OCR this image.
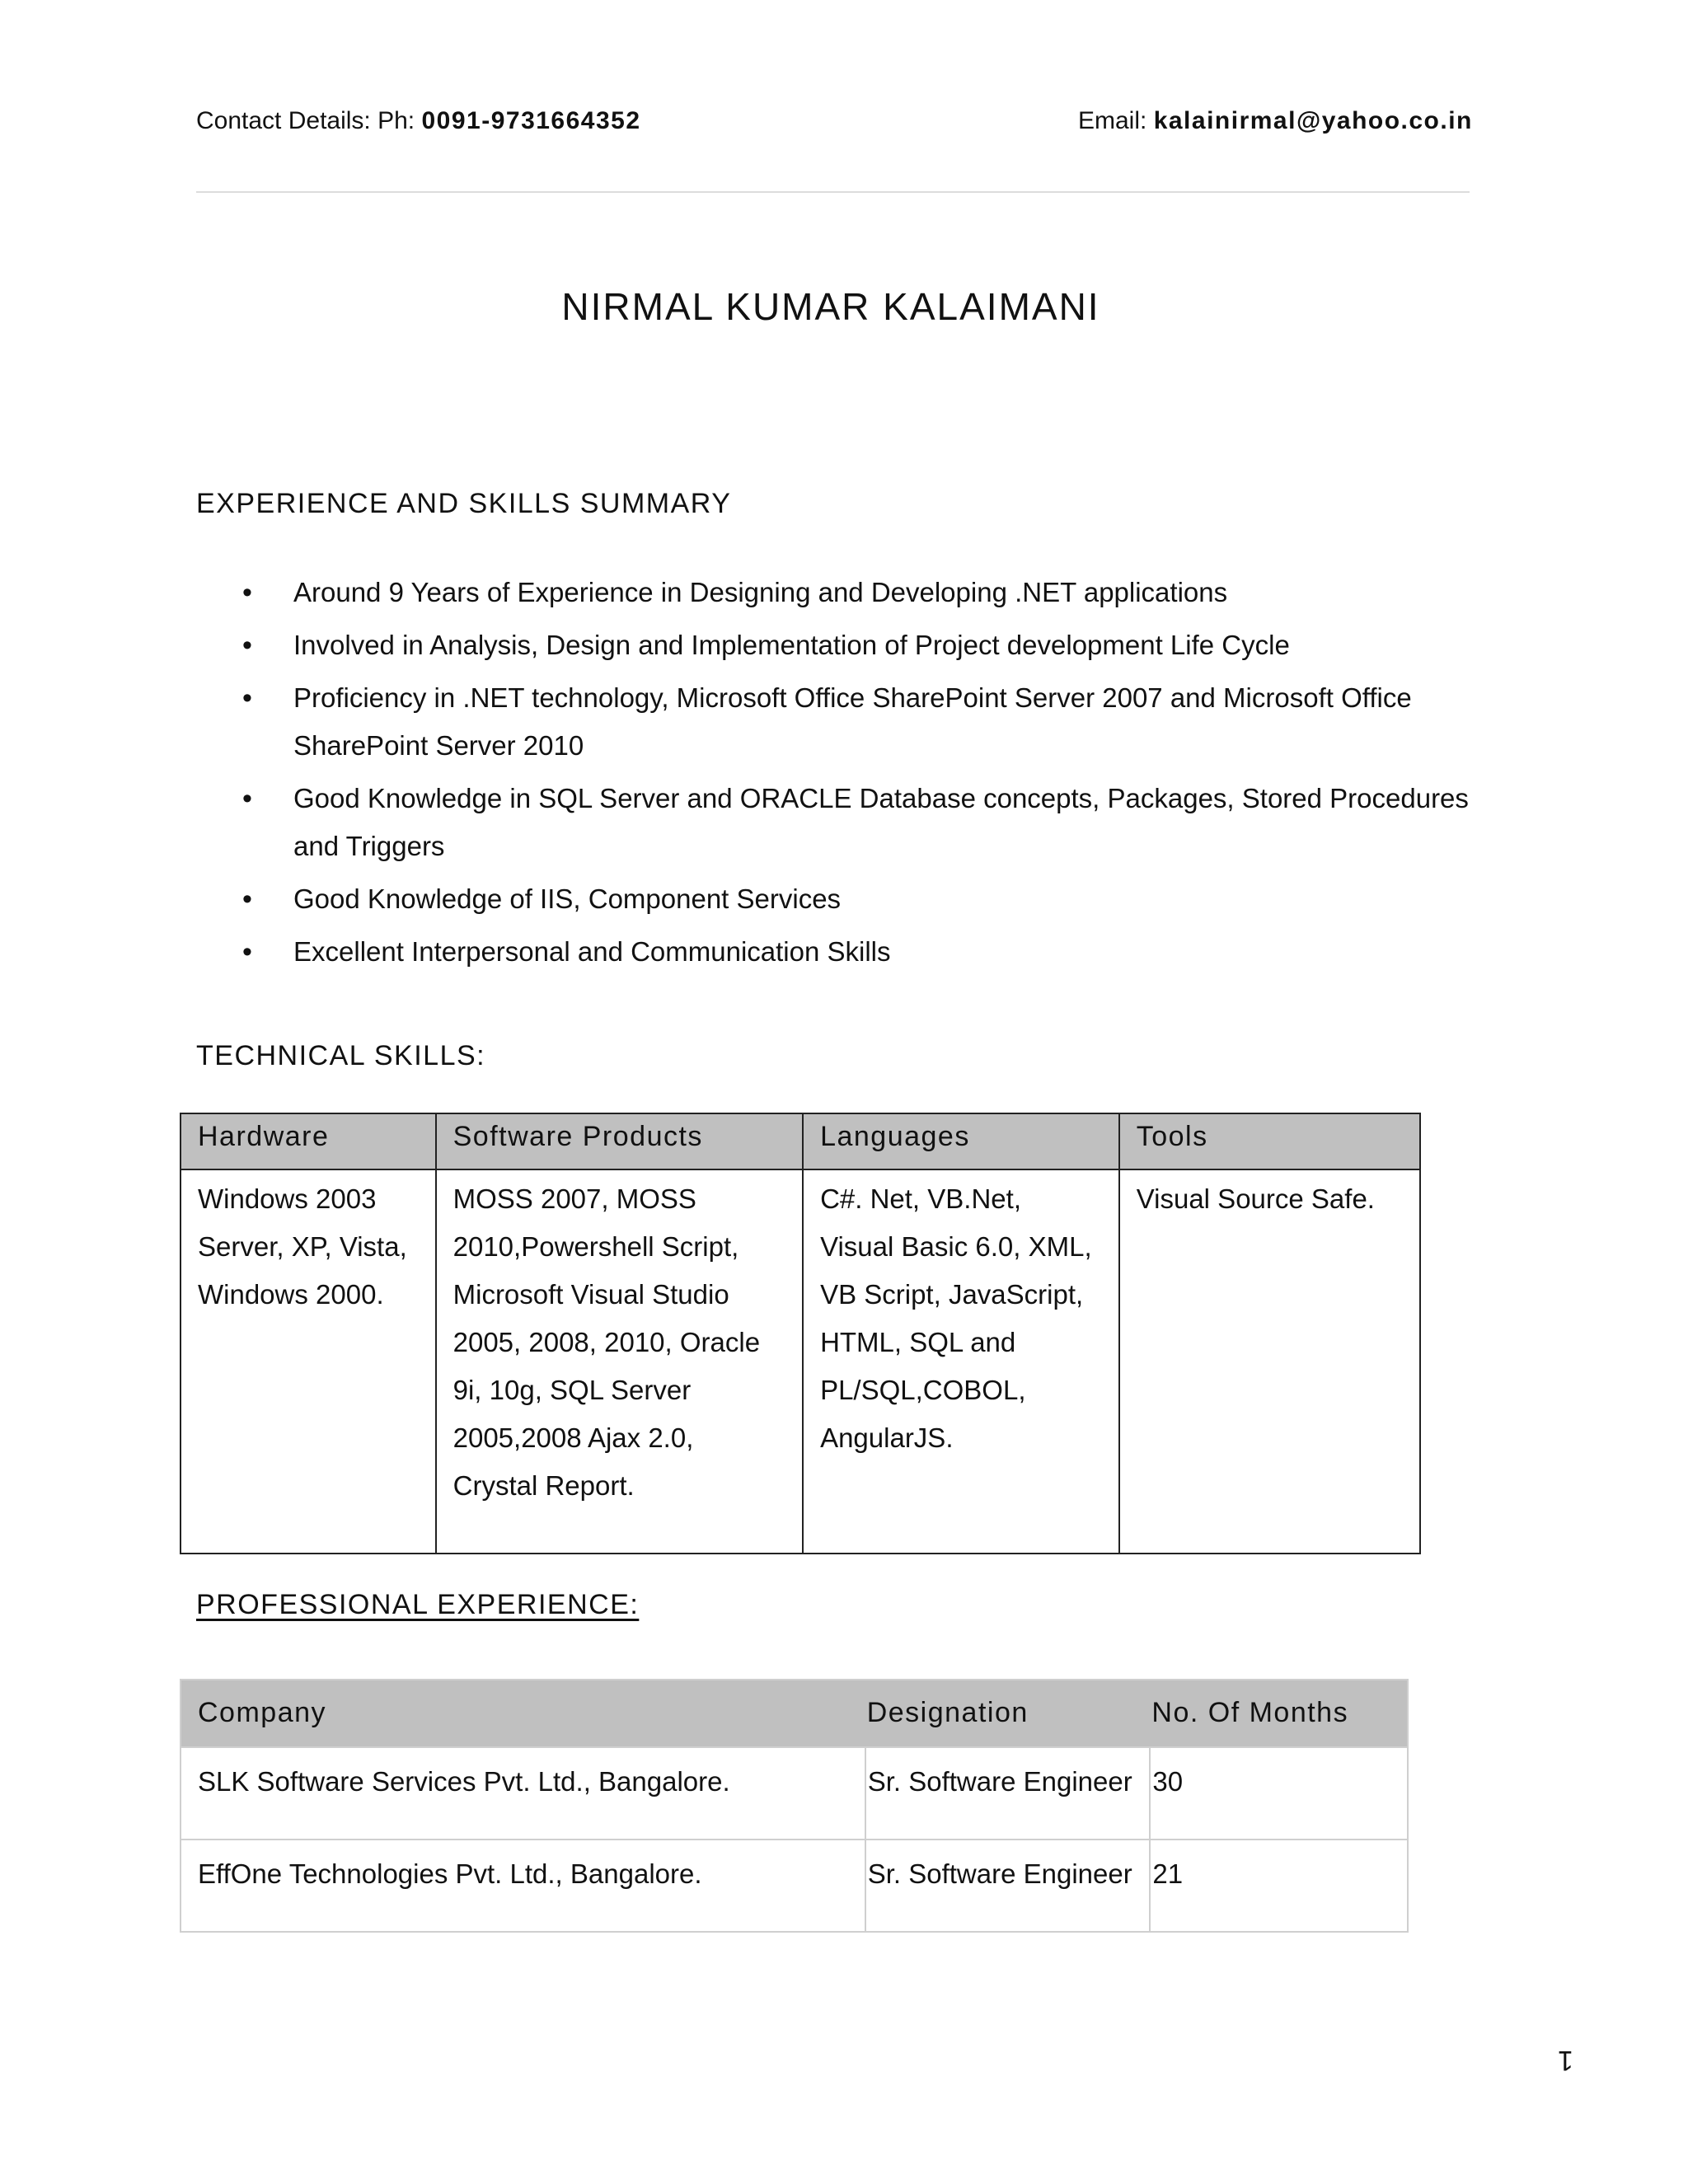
Contact Details: Ph: 0091-9731664352	Email: kalainirmal@yahoo.co.in
NIRMAL KUMAR KALAIMANI
EXPERIENCE AND SKILLS SUMMARY
• Around 9 Years of Experience in Designing and Developing .NET applications
• Involved in Analysis, Design and Implementation of Project development Life Cycle
• Proficiency in .NET technology, Microsoft Office SharePoint Server 2007 and Microsoft Office SharePoint Server 2010
• Good Knowledge in SQL Server and ORACLE Database concepts, Packages, Stored Procedures and Triggers
• Good Knowledge of IIS, Component Services
• Excellent Interpersonal and Communication Skills
TECHNICAL SKILLS:
Hardware	Software Products	Languages	Tools
Windows 2003 Server, XP, Vista, Windows 2000.	MOSS 2007, MOSS 2010,Powershell Script, Microsoft Visual Studio 2005, 2008, 2010, Oracle 9i, 10g, SQL Server 2005,2008 Ajax 2.0, Crystal Report.	C#. Net, VB.Net, Visual Basic 6.0, XML, VB Script, JavaScript, HTML, SQL and PL/SQL,COBOL, AngularJS.	Visual Source Safe.
PROFESSIONAL EXPERIENCE:
Company	Designation	No. Of Months
SLK Software Services Pvt. Ltd., Bangalore.	Sr. Software Engineer	30
EffOne Technologies Pvt. Ltd., Bangalore.	Sr. Software Engineer	21
1
